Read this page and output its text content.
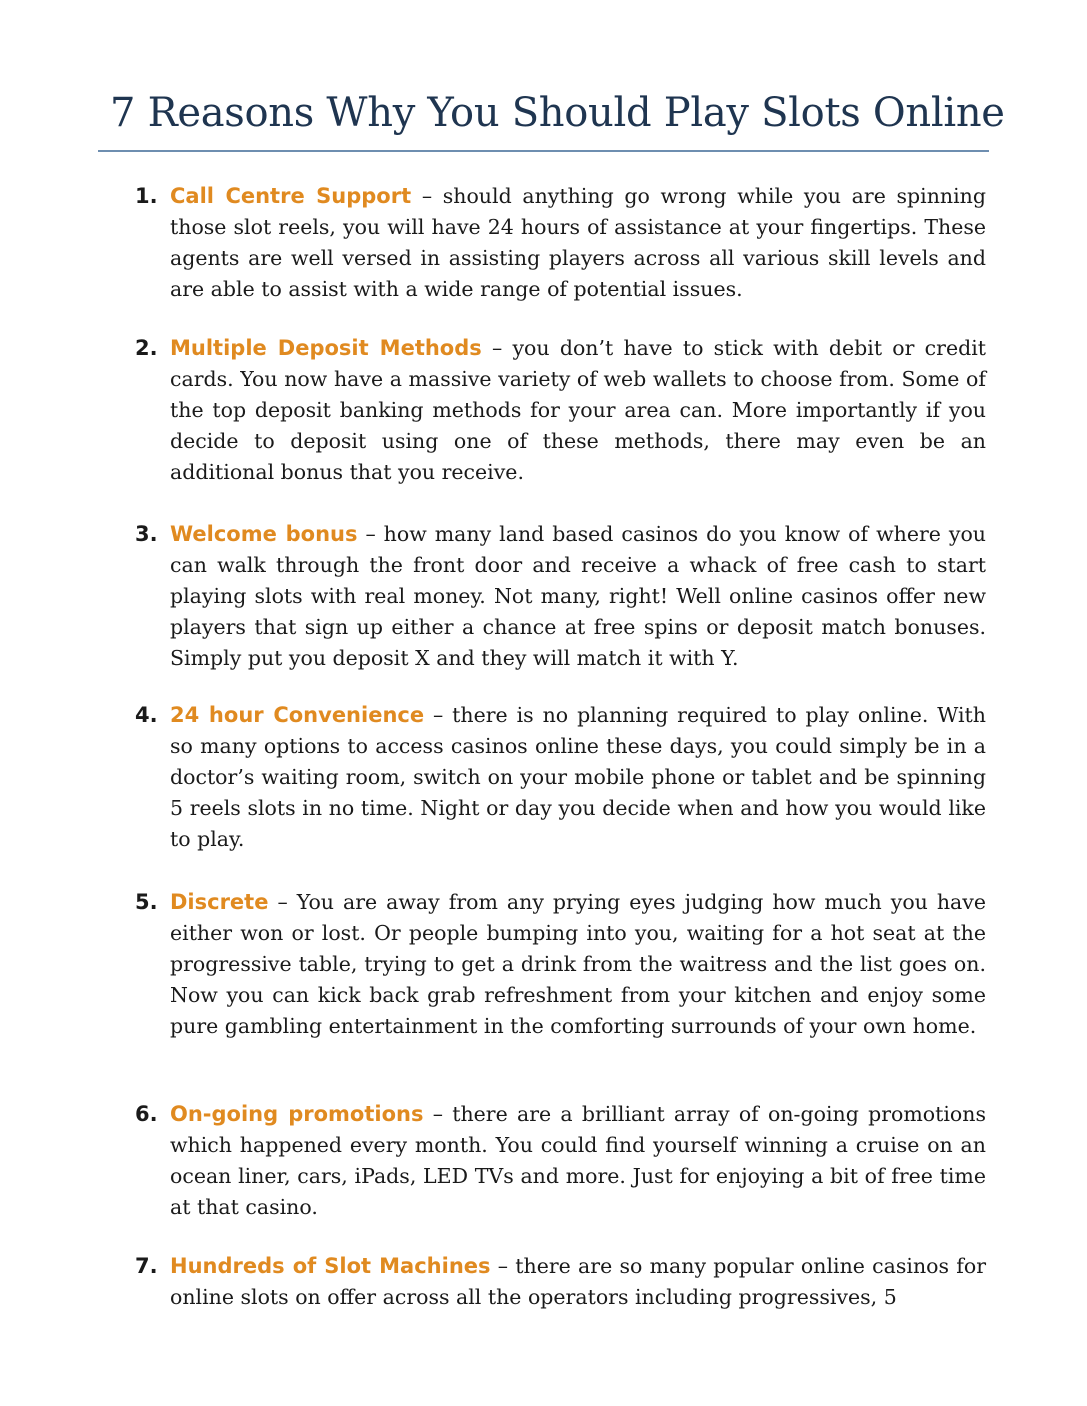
7 Reasons Why You Should Play Slots Online
1. Call Centre Support – should anything go wrong while you are spinning those slot reels, you will have 24 hours of assistance at your fingertips. These agents are well versed in assisting players across all various skill levels and are able to assist with a wide range of potential issues.

2. Multiple Deposit Methods – you don’t have to stick with debit or credit cards. You now have a massive variety of web wallets to choose from. Some of the top deposit banking methods for your area can. More importantly if you decide to deposit using one of these methods, there may even be an additional bonus that you receive.

3. Welcome bonus – how many land based casinos do you know of where you can walk through the front door and receive a whack of free cash to start playing slots with real money. Not many, right! Well online casinos offer new players that sign up either a chance at free spins or deposit match bonuses. Simply put you deposit X and they will match it with Y.

4. 24 hour Convenience – there is no planning required to play online. With so many options to access casinos online these days, you could simply be in a doctor’s waiting room, switch on your mobile phone or tablet and be spinning 5 reels slots in no time. Night or day you decide when and how you would like to play.

5. Discrete – You are away from any prying eyes judging how much you have either won or lost. Or people bumping into you, waiting for a hot seat at the progressive table, trying to get a drink from the waitress and the list goes on. Now you can kick back grab refreshment from your kitchen and enjoy some pure gambling entertainment in the comforting surrounds of your own home.

6. On-going promotions – there are a brilliant array of on-going promotions which happened every month. You could find yourself winning a cruise on an ocean liner, cars, iPads, LED TVs and more. Just for enjoying a bit of free time at that casino.

7. Hundreds of Slot Machines – there are so many popular online casinos for online slots on offer across all the operators including progressives, 5
